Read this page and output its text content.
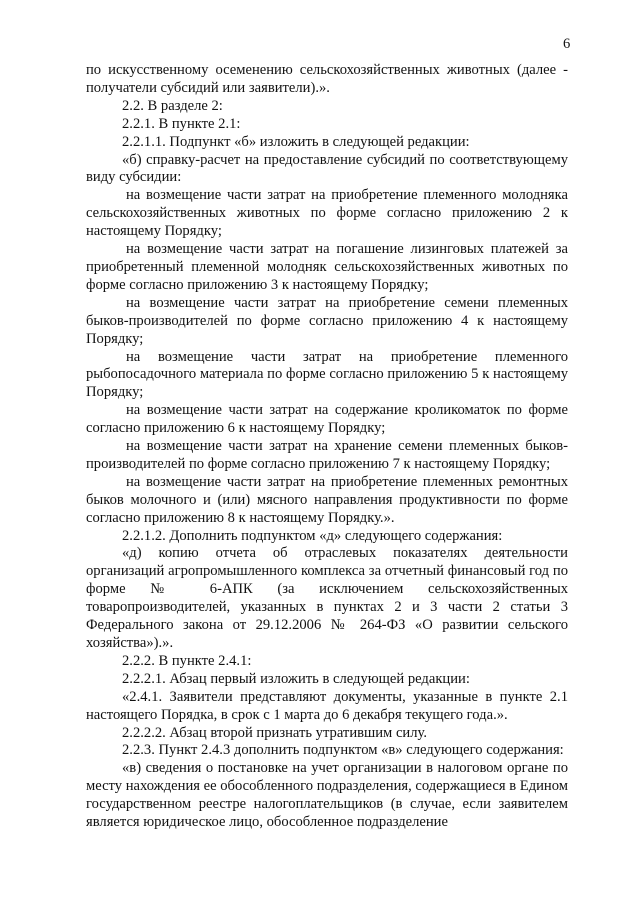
6

по искусственному осеменению сельскохозяйственных животных (далее - получатели субсидий или заявители).».

2.2. В разделе 2:

2.2.1. В пункте 2.1:

2.2.1.1. Подпункт «б» изложить в следующей редакции:

«б) справку-расчет на предоставление субсидий по соответствующему виду субсидии:

на возмещение части затрат на приобретение племенного молодняка сельскохозяйственных животных по форме согласно приложению 2 к настоящему Порядку;

на возмещение части затрат на погашение лизинговых платежей за приобретенный племенной молодняк сельскохозяйственных животных по форме согласно приложению 3 к настоящему Порядку;

на возмещение части затрат на приобретение семени племенных быков-производителей по форме согласно приложению 4 к настоящему Порядку;

на возмещение части затрат на приобретение племенного рыбопосадочного материала по форме согласно приложению 5 к настоящему Порядку;

на возмещение части затрат на содержание кроликоматок по форме согласно приложению 6 к настоящему Порядку;

на возмещение части затрат на хранение семени племенных быков-производителей по форме согласно приложению 7 к настоящему Порядку;

на возмещение части затрат на приобретение племенных ремонтных быков молочного и (или) мясного направления продуктивности по форме согласно приложению 8 к настоящему Порядку.».

2.2.1.2. Дополнить подпунктом «д» следующего содержания:

«д) копию отчета об отраслевых показателях деятельности организаций агропромышленного комплекса за отчетный финансовый год по форме № 6-АПК (за исключением сельскохозяйственных товаропроизводителей, указанных в пунктах 2 и 3 части 2 статьи 3 Федерального закона от 29.12.2006 № 264-ФЗ «О развитии сельского хозяйства»).».

2.2.2. В пункте 2.4.1:

2.2.2.1. Абзац первый изложить в следующей редакции:

«2.4.1. Заявители представляют документы, указанные в пункте 2.1 настоящего Порядка, в срок с 1 марта до 6 декабря текущего года.».

2.2.2.2. Абзац второй признать утратившим силу.

2.2.3. Пункт 2.4.3 дополнить подпунктом «в» следующего содержания:

«в) сведения о постановке на учет организации в налоговом органе по месту нахождения ее обособленного подразделения, содержащиеся в Едином государственном реестре налогоплательщиков (в случае, если заявителем является юридическое лицо, обособленное подразделение
